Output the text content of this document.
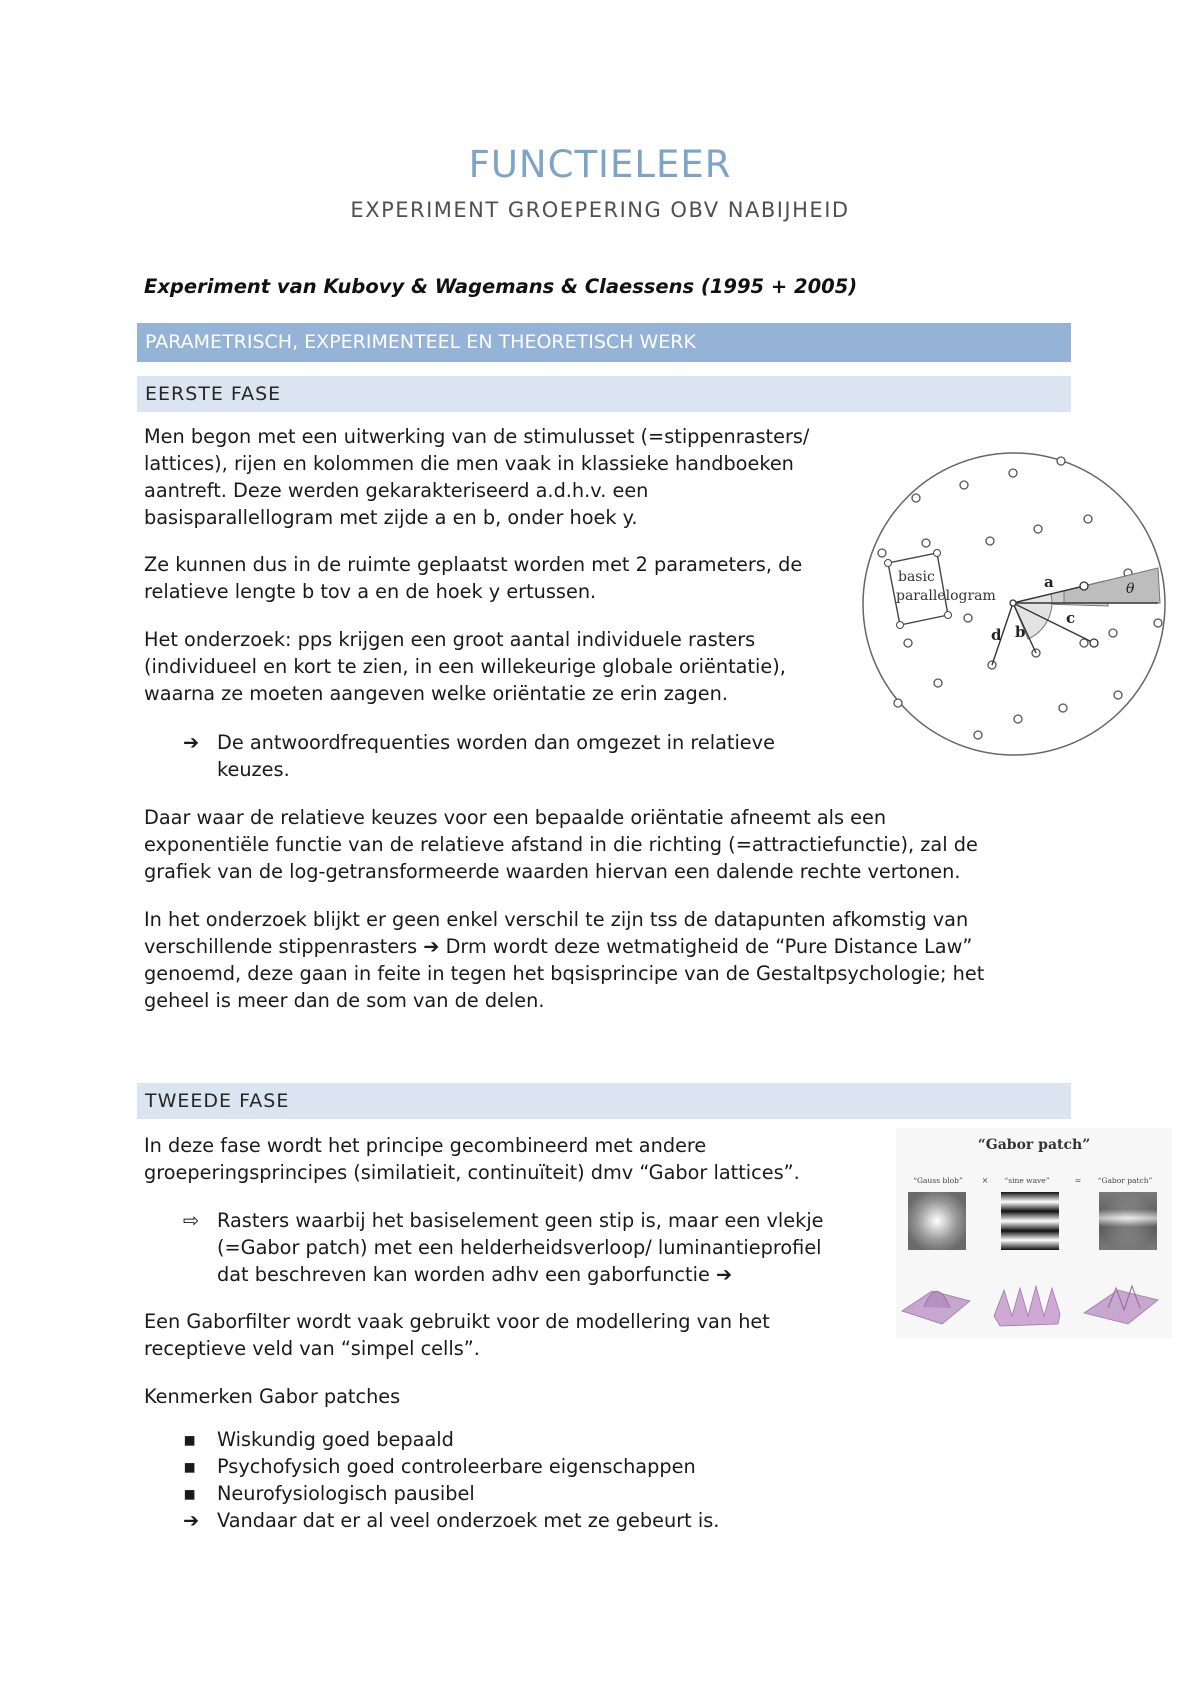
FUNCTIELEER
EXPERIMENT GROEPERING OBV NABIJHEID
Experiment van Kubovy & Wagemans & Claessens (1995 + 2005)
PARAMETRISCH, EXPERIMENTEEL EN THEORETISCH WERK
EERSTE FASE

Men begon met een uitwerking van de stimulusset (=stippenrasters/
lattices), rijen en kolommen die men vaak in klassieke handboeken
aantreft. Deze werden gekarakteriseerd a.d.h.v. een
basisparallellogram met zijde a en b, onder hoek y.

Ze kunnen dus in de ruimte geplaatst worden met 2 parameters, de
relatieve lengte b tov a en de hoek y ertussen.

Het onderzoek: pps krijgen een groot aantal individuele rasters
(individueel en kort te zien, in een willekeurige globale oriëntatie),
waarna ze moeten aangeven welke oriëntatie ze erin zagen.

➔ De antwoordfrequenties worden dan omgezet in relatieve
keuzes.

Daar waar de relatieve keuzes voor een bepaalde oriëntatie afneemt als een
exponentiële functie van de relatieve afstand in die richting (=attractiefunctie), zal de
grafiek van de log-getransformeerde waarden hiervan een dalende rechte vertonen.

In het onderzoek blijkt er geen enkel verschil te zijn tss de datapunten afkomstig van
verschillende stippenrasters ➔ Drm wordt deze wetmatigheid de “Pure Distance Law”
genoemd, deze gaan in feite in tegen het bqsisprincipe van de Gestaltpsychologie; het
geheel is meer dan de som van de delen.

basic
parallelogram
a
b
c
d
θ
TWEEDE FASE

In deze fase wordt het principe gecombineerd met andere
groeperingsprincipes (similatieit, continuïteit) dmv “Gabor lattices”.

⇨ Rasters waarbij het basiselement geen stip is, maar een vlekje
(=Gabor patch) met een helderheidsverloop/ luminantieprofiel
dat beschreven kan worden adhv een gaborfunctie ➔

Een Gaborfilter wordt vaak gebruikt voor de modellering van het
receptieve veld van “simpel cells”.

Kenmerken Gabor patches

▪ Wiskundig goed bepaald
▪ Psychofysich goed controleerbare eigenschappen
▪ Neurofysiologisch pausibel
➔ Vandaar dat er al veel onderzoek met ze gebeurt is.
“Gabor patch”
“Gauss blob”	“sine wave”	“Gabor patch”
×	=
